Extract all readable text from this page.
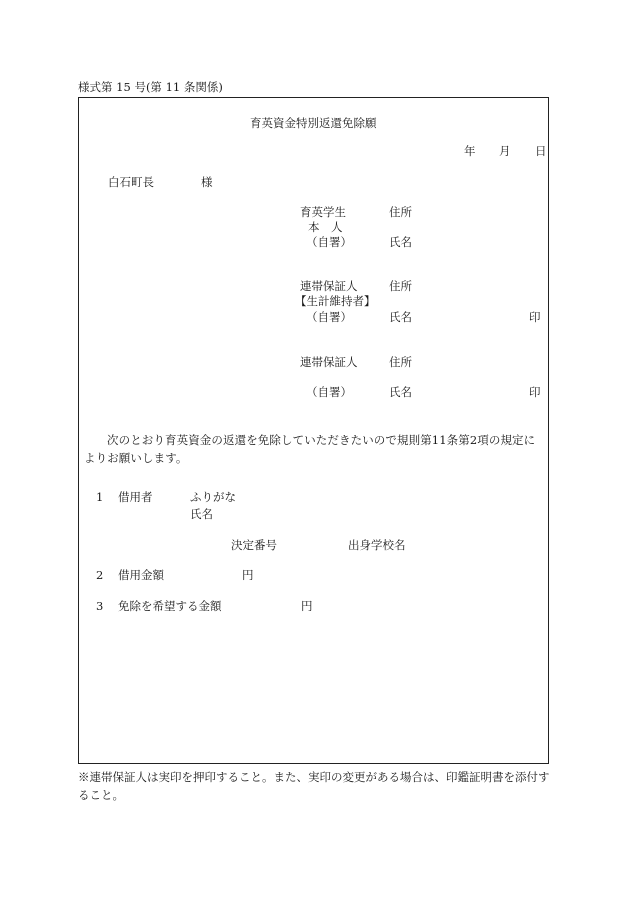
様式第 15 号(第 11 条関係)
育英資金特別返還免除願
年 月 日
白石町長	様
育英学生	住所
本　人
（自署）	氏名
連帯保証人	住所
【生計維持者】
（自署）	氏名	印
連帯保証人	住所
（自署）	氏名	印

次のとおり育英資金の返還を免除していただきたいので規則第11条第2項の規定によりお願いします。

1 借用者	ふりがな
氏名
決定番号	出身学校名
2 借用金額	円
3 免除を希望する金額	円
※連帯保証人は実印を押印すること。また、実印の変更がある場合は、印鑑証明書を添付すること。
